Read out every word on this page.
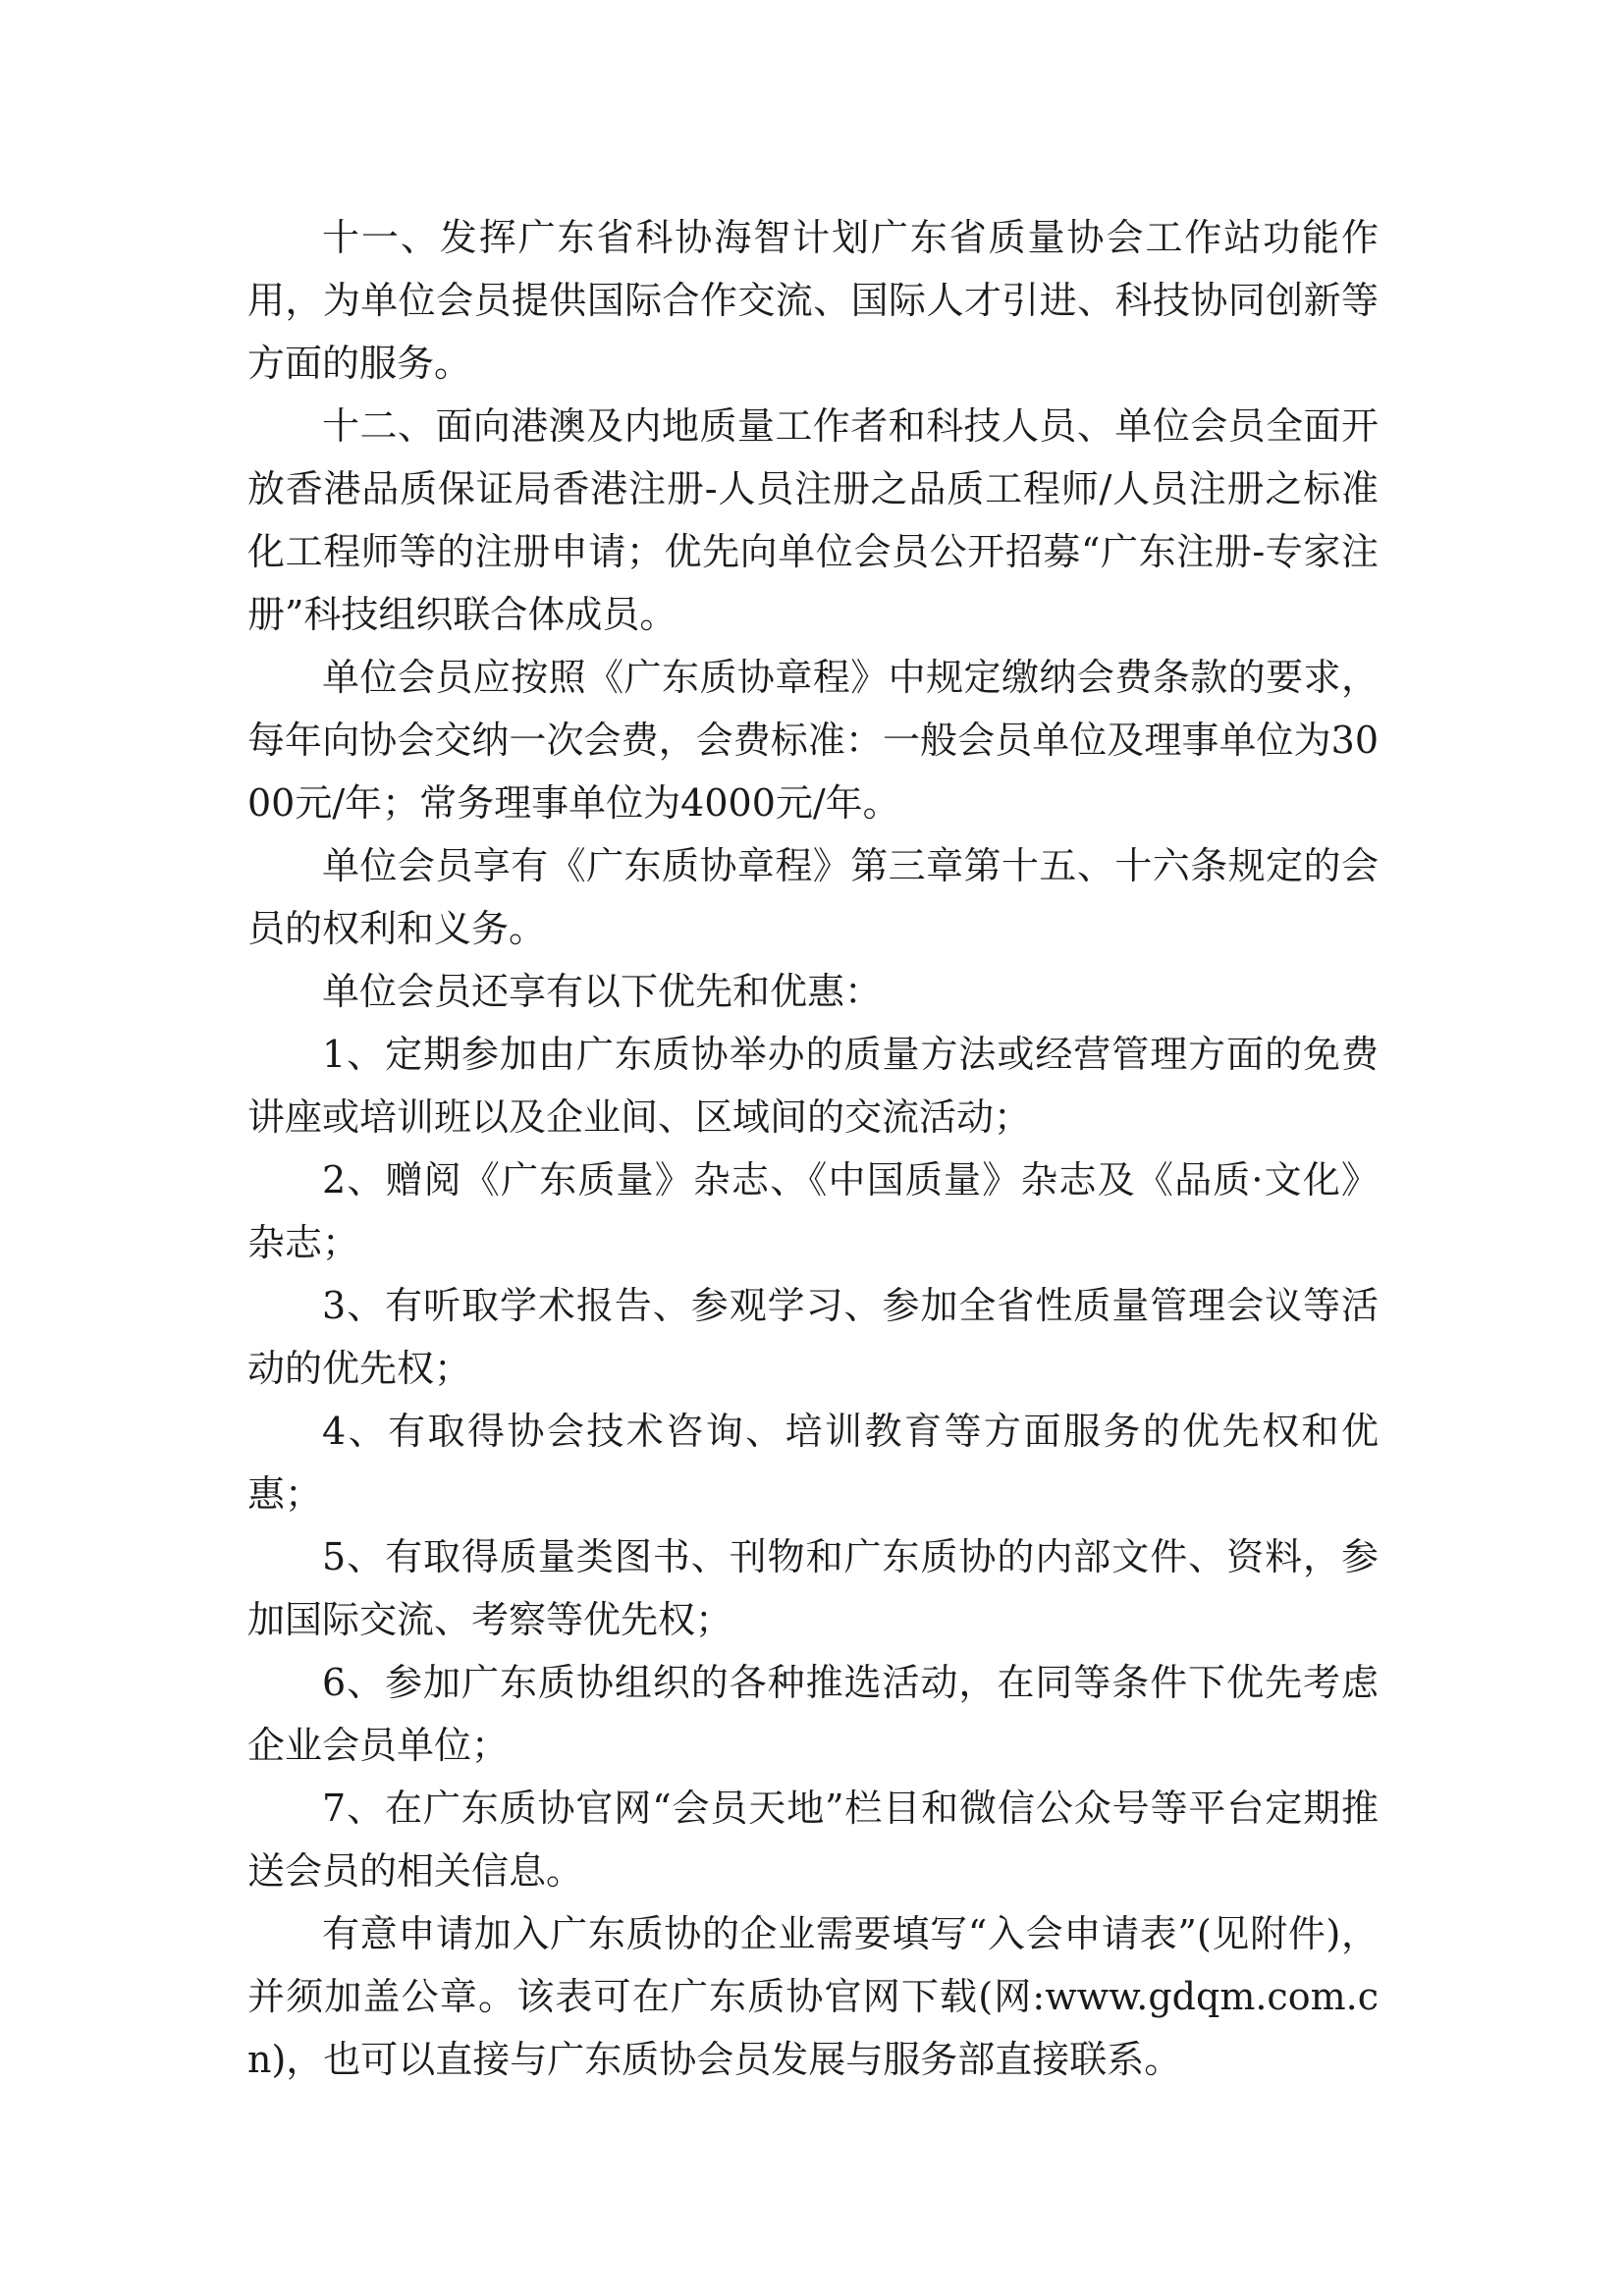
十一、发挥广东省科协海智计划广东省质量协会工作站功能作用，为单位会员提供国际合作交流、国际人才引进、科技协同创新等方面的服务。

十二、面向港澳及内地质量工作者和科技人员、单位会员全面开放香港品质保证局香港注册-人员注册之品质工程师/人员注册之标准化工程师等的注册申请；优先向单位会员公开招募“广东注册-专家注册”科技组织联合体成员。

单位会员应按照《广东质协章程》中规定缴纳会费条款的要求，每年向协会交纳一次会费，会费标准：一般会员单位及理事单位为3000元/年；常务理事单位为4000元/年。

单位会员享有《广东质协章程》第三章第十五、十六条规定的会员的权利和义务。

单位会员还享有以下优先和优惠：

1、定期参加由广东质协举办的质量方法或经营管理方面的免费讲座或培训班以及企业间、区域间的交流活动；

2、赠阅《广东质量》杂志、《中国质量》杂志及《品质·文化》杂志；

3、有听取学术报告、参观学习、参加全省性质量管理会议等活动的优先权；

4、有取得协会技术咨询、培训教育等方面服务的优先权和优惠；

5、有取得质量类图书、刊物和广东质协的内部文件、资料，参加国际交流、考察等优先权；

6、参加广东质协组织的各种推选活动，在同等条件下优先考虑企业会员单位；

7、在广东质协官网“会员天地”栏目和微信公众号等平台定期推送会员的相关信息。

有意申请加入广东质协的企业需要填写“入会申请表”(见附件)，并须加盖公章。该表可在广东质协官网下载(网:www.gdqm.com.cn)，也可以直接与广东质协会员发展与服务部直接联系。
